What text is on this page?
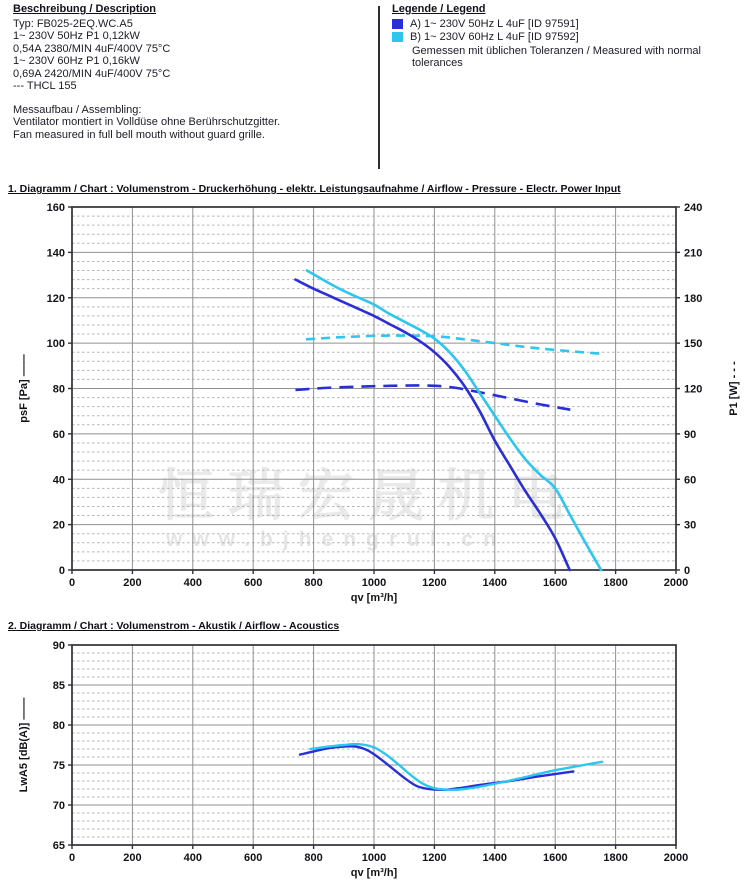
Beschreibung / Description
Typ: FB025-2EQ.WC.A5
1~ 230V 50Hz P1 0,12kW
0,54A 2380/MIN 4uF/400V 75°C
1~ 230V 60Hz P1 0,16kW
0,69A 2420/MIN 4uF/400V 75°C
--- THCL 155
Messaufbau / Assembling:
Ventilator montiert in Volldüse ohne Berührschutzgitter.
Fan measured in full bell mouth without guard grille.
Legende / Legend
A) 1~ 230V 50Hz L 4uF [ID 97591]
B) 1~ 230V 60Hz L 4uF [ID 97592]
Gemessen mit üblichen Toleranzen / Measured with normal tolerances
1. Diagramm / Chart : Volumenstrom - Druckerhöhung - elektr. Leistungsaufnahme / Airflow - Pressure - Electr. Power Input
恒瑞宏晟机电
www.bjhengrui.cn
0
20
40
60
80
100
120
140
160
0
30
60
90
120
150
180
210
240
0	200	400	600	800	1000	1200	1400	1600	1800	2000
qv [m³/h]
psF [Pa] ——	P1 [W] - - -
2. Diagramm / Chart : Volumenstrom - Akustik / Airflow - Acoustics
65
70
75
80
85
90
0	200	400	600	800	1000	1200	1400	1600	1800	2000
qv [m³/h]
LwA5 [dB(A)] ——
